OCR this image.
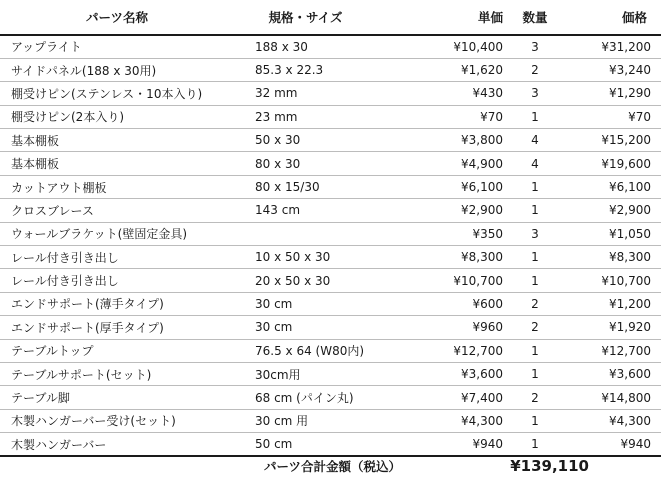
パーツ名称	規格・サイズ	単価	数量	価格
アップライト	188 x 30	¥10,400	3	¥31,200
サイドパネル(188 x 30用)	85.3 x 22.3	¥1,620	2	¥3,240
棚受けピン(ステンレス・10本入り)	32 mm	¥430	3	¥1,290
棚受けピン(2本入り)	23 mm	¥70	1	¥70
基本棚板	50 x 30	¥3,800	4	¥15,200
基本棚板	80 x 30	¥4,900	4	¥19,600
カットアウト棚板	80 x 15/30	¥6,100	1	¥6,100
クロスブレース	143 cm	¥2,900	1	¥2,900
ウォールブラケット(壁固定金具)		¥350	3	¥1,050
レール付き引き出し	10 x 50 x 30	¥8,300	1	¥8,300
レール付き引き出し	20 x 50 x 30	¥10,700	1	¥10,700
エンドサポート(薄手タイプ)	30 cm	¥600	2	¥1,200
エンドサポート(厚手タイプ)	30 cm	¥960	2	¥1,920
テーブルトップ	76.5 x 64 (W80内)	¥12,700	1	¥12,700
テーブルサポート(セット)	30cm用	¥3,600	1	¥3,600
テーブル脚	68 cm (パイン丸)	¥7,400	2	¥14,800
木製ハンガーバー受け(セット)	30 cm 用	¥4,300	1	¥4,300
木製ハンガーバー	50 cm	¥940	1	¥940
パーツ合計金額（税込）	¥139,110
